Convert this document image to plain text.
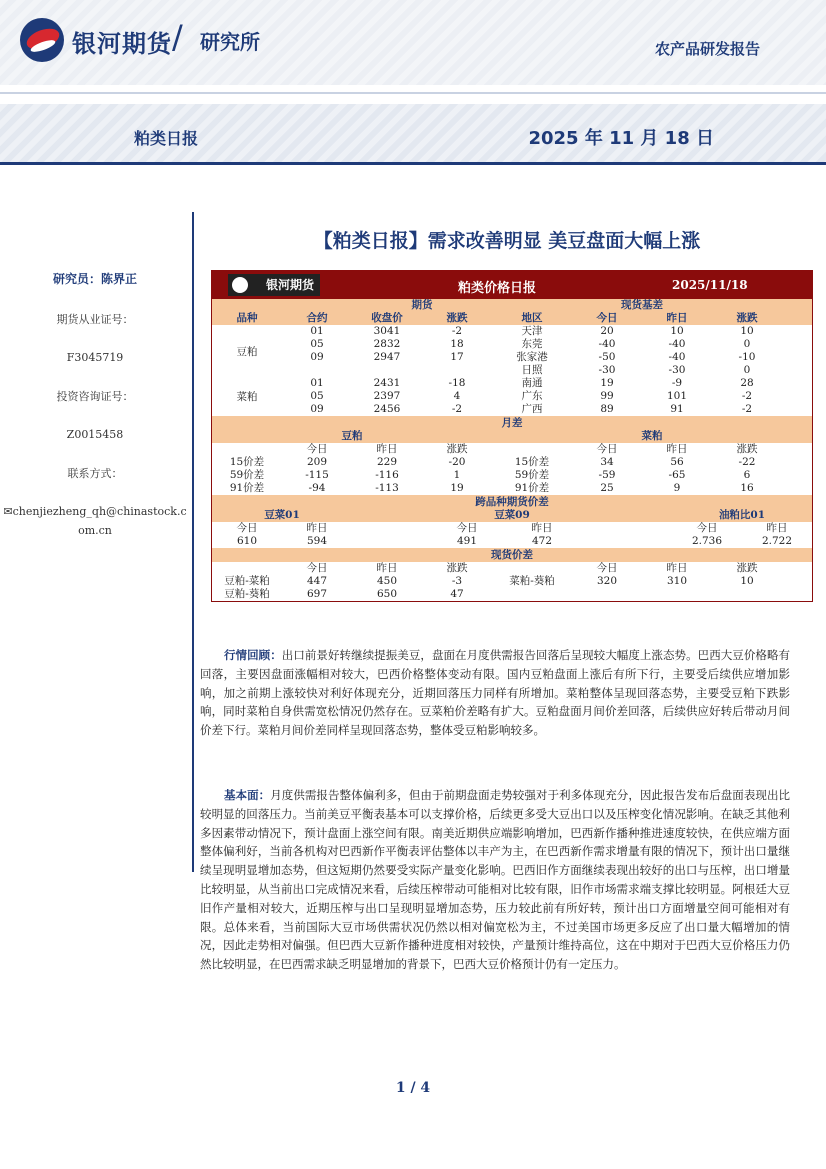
银河期货 / 研究所	农产品研发报告
粕类日报	2025 年 11 月 18 日
研究员：陈界正
期货从业证号：
F3045719
投资咨询证号：
Z0015458
联系方式：
✉chenjiezheng_qh@chinastock.c
om.cn
【粕类日报】需求改善明显 美豆盘面大幅上涨
银河期货	粕类价格日报	2025/11/18
期货	现货基差
品种	合约	收盘价	涨跌	地区	今日	昨日	涨跌
豆粕
01	3041	-2	天津	20	10	10
05	2832	18	东莞	-40	-40	0
09	2947	17	张家港	-50	-40	-10
日照	-30	-30	0
菜粕
01	2431	-18	南通	19	-9	28
05	2397	4	广东	99	101	-2
09	2456	-2	广西	89	91	-2
月差
豆粕	菜粕
今日	昨日	涨跌	今日	昨日	涨跌
15价差	209	229	-20	15价差	34	56	-22
59价差	-115	-116	1	59价差	-59	-65	6
91价差	-94	-113	19	91价差	25	9	16
跨品种期货价差
豆菜01	豆菜09	油粕比01
今日	昨日	今日	昨日	今日	昨日
610	594	491	472	2.736	2.722
现货价差
今日	昨日	涨跌	今日	昨日	涨跌
豆粕-菜粕	447	450	-3	菜粕-葵粕	320	310	10
豆粕-葵粕	697	650	47
行情回顾：出口前景好转继续提振美豆，盘面在月度供需报告回落后呈现较大幅度上涨态势。巴西大豆价格略有回落，主要因盘面涨幅相对较大，巴西价格整体变动有限。国内豆粕盘面上涨后有所下行，主要受后续供应增加影响，加之前期上涨较快对利好体现充分，近期回落压力同样有所增加。菜粕整体呈现回落态势，主要受豆粕下跌影响，同时菜粕自身供需宽松情况仍然存在。豆菜粕价差略有扩大。豆粕盘面月间价差回落，后续供应好转后带动月间价差下行。菜粕月间价差同样呈现回落态势，整体受豆粕影响较多。
基本面：月度供需报告整体偏利多，但由于前期盘面走势较强对于利多体现充分，因此报告发布后盘面表现出比较明显的回落压力。当前美豆平衡表基本可以支撑价格，后续更多受大豆出口以及压榨变化情况影响。在缺乏其他利多因素带动情况下，预计盘面上涨空间有限。南美近期供应端影响增加，巴西新作播种推进速度较快，在供应端方面整体偏利好，当前各机构对巴西新作平衡表评估整体以丰产为主，在巴西新作需求增量有限的情况下，预计出口量继续呈现明显增加态势，但这短期仍然要受实际产量变化影响。巴西旧作方面继续表现出较好的出口与压榨，出口增量比较明显，从当前出口完成情况来看，后续压榨带动可能相对比较有限，旧作市场需求端支撑比较明显。阿根廷大豆旧作产量相对较大，近期压榨与出口呈现明显增加态势，压力较此前有所好转，预计出口方面增量空间可能相对有限。总体来看，当前国际大豆市场供需状况仍然以相对偏宽松为主，不过美国市场更多反应了出口量大幅增加的情况，因此走势相对偏强。但巴西大豆新作播种进度相对较快，产量预计维持高位，这在中期对于巴西大豆价格压力仍然比较明显，在巴西需求缺乏明显增加的背景下，巴西大豆价格预计仍有一定压力。
1 / 4
